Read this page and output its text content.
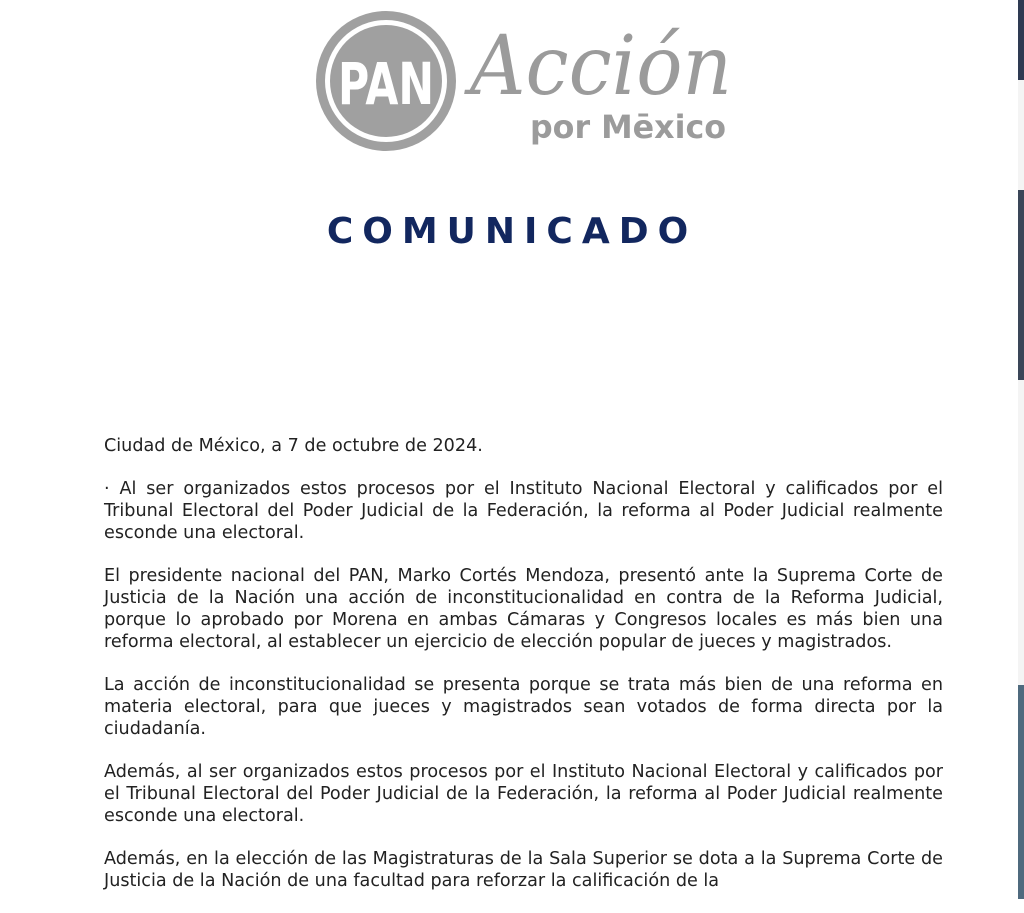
PAN Acción
por Mēxico
COMUNICADO

Ciudad de México, a 7 de octubre de 2024.

· Al ser organizados estos procesos por el Instituto Nacional Electoral y calificados por el Tribunal Electoral del Poder Judicial de la Federación, la reforma al Poder Judicial realmente esconde una electoral.

El presidente nacional del PAN, Marko Cortés Mendoza, presentó ante la Suprema Corte de Justicia de la Nación una acción de inconstitucionalidad en contra de la Reforma Judicial, porque lo aprobado por Morena en ambas Cámaras y Congresos locales es más bien una reforma electoral, al establecer un ejercicio de elección popular de jueces y magistrados.

La acción de inconstitucionalidad se presenta porque se trata más bien de una reforma en materia electoral, para que jueces y magistrados sean votados de forma directa por la ciudadanía.

Además, al ser organizados estos procesos por el Instituto Nacional Electoral y calificados por el Tribunal Electoral del Poder Judicial de la Federación, la reforma al Poder Judicial realmente esconde una electoral.

Además, en la elección de las Magistraturas de la Sala Superior se dota a la Suprema Corte de Justicia de la Nación de una facultad para reforzar la calificación de la
